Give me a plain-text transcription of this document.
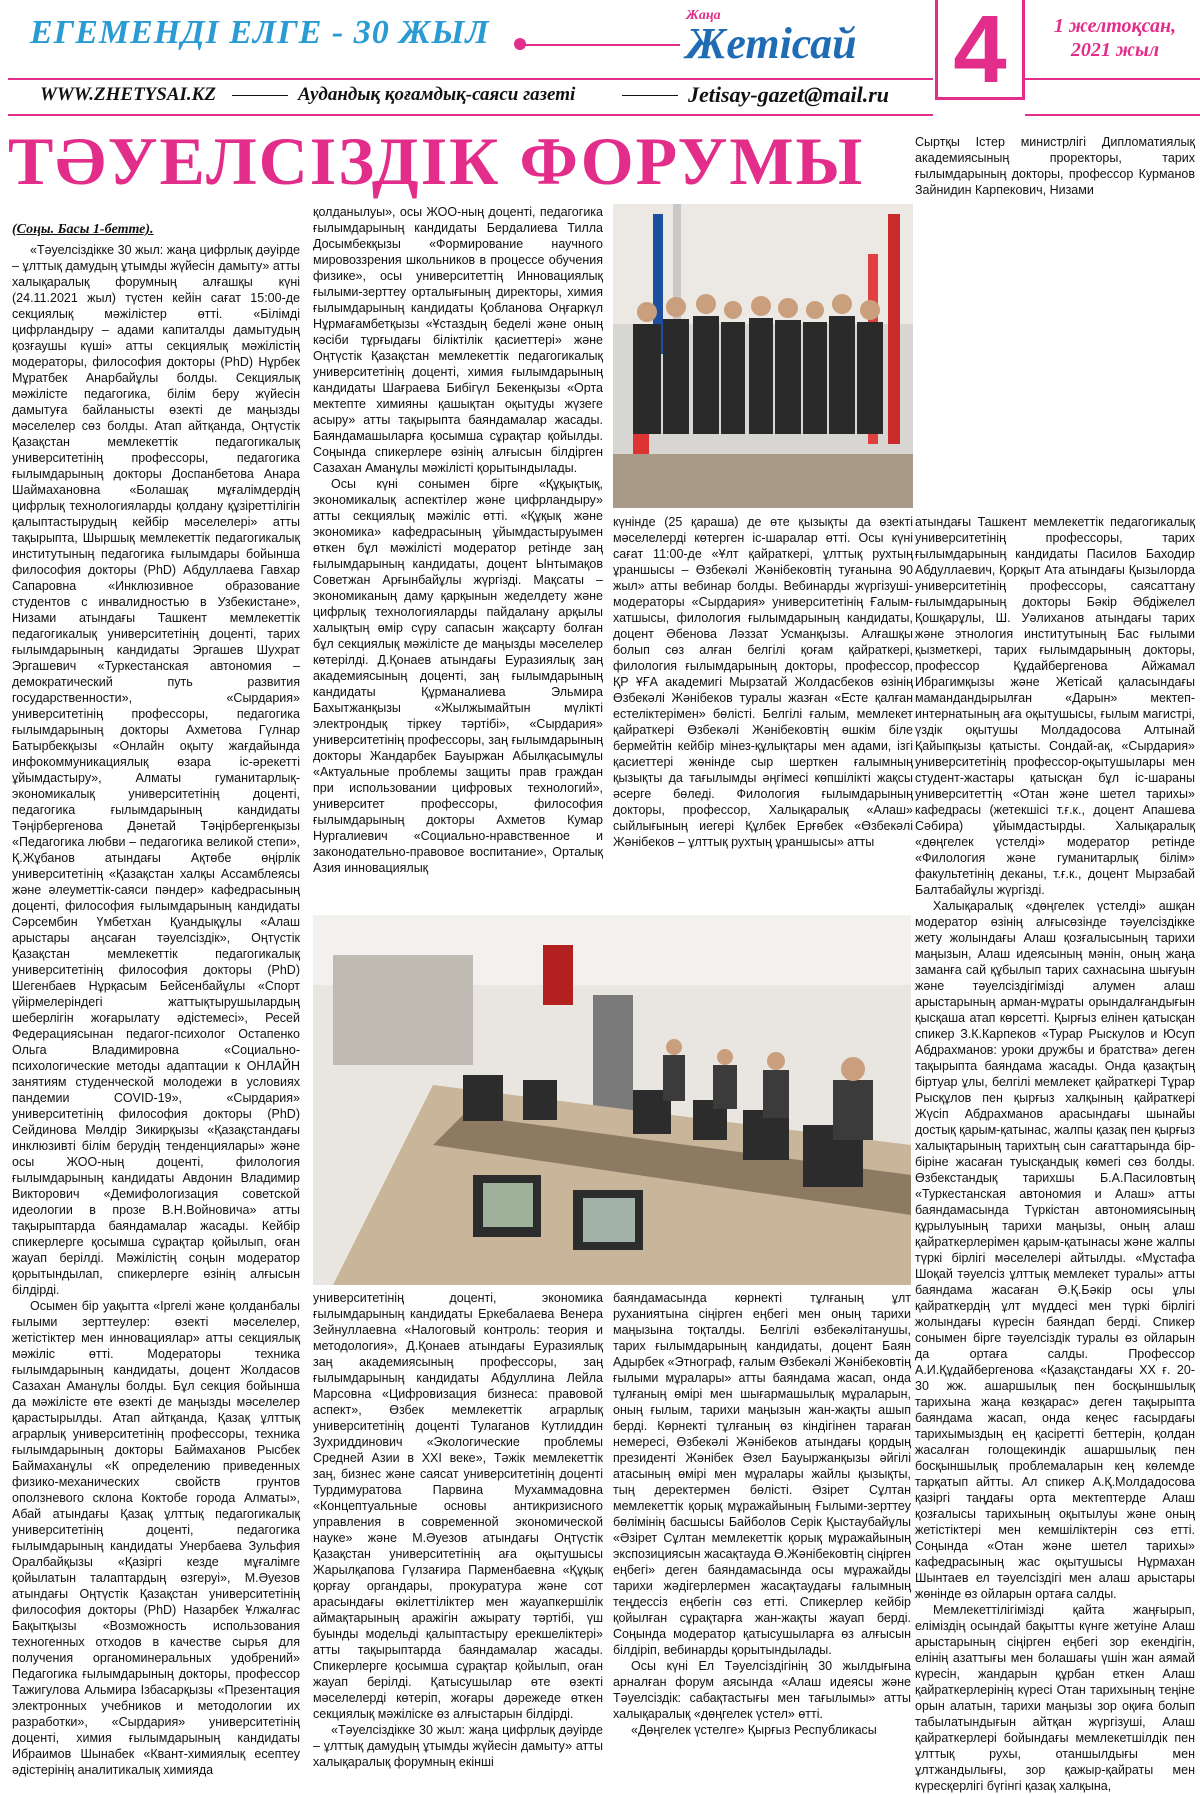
ЕГЕМЕНДІ ЕЛГЕ - 30 ЖЫЛ	Жаңа
Жетісай 4	1 желтоқсан,
2021 жыл
WWW.ZHETYSAI.KZ	Аудандық қоғамдық-саяси газеті	Jetisay-gazet@mail.ru
ТӘУЕЛСІЗДІК ФОРУМЫ	Сыртқы Істер министрлігі Дипломатиялық академиясының проректоры, тарих ғылымдарының докторы, профессор Курманов Зайнидин Карпекович, Низами

(Соңы. Басы 1-бетте).

«Тәуелсіздікке 30 жыл: жаңа цифрлық дәуірде – ұлттық дамудың ұтымды жүйесін дамыту» атты халықаралық форумның алғашқы күні (24.11.2021 жыл) түстен кейін сағат 15:00-де секциялық мәжілістер өтті. «Білімді цифрландыру – адами капиталды дамытудың қозғаушы күші» атты секциялық мәжілістің модераторы, философия докторы (PhD) Нұрбек Мұратбек Анарбайұлы болды. Секциялық мәжілісте педагогика, білім беру жүйесін дамытуға байланысты өзекті де маңызды мәселелер сөз болды. Атап айтқанда, Оңтүстік Қазақстан мемлекеттік педагогикалық университетінің профессоры, педагогика ғылымдарының докторы Доспанбетова Анара Шаймахановна «Болашақ мұғалімдердің цифрлық технологияларды қолдану құзіреттілігін қалыптастырудың кейбір мәселелері» атты тақырыпта, Шыршық мемлекеттік педагогикалық институтының педагогика ғылымдары бойынша философия докторы (PhD) Абдуллаева Гавхар Сапаровна «Инклюзивное образование студентов с инвалидностью в Узбекистане», Низами атындағы Ташкент мемлекеттік педагогикалық университетінің доценті, тарих ғылымдарының кандидаты Эргашев Шухрат Эргашевич «Туркестанская автономия – демократический путь развития государственности», «Сырдария» университетінің профессоры, педагогика ғылымдарының докторы Ахметова Гүлнар Батырбекқызы «Онлайн оқыту жағдайында инфокоммуникациялық өзара іс-әрекетті ұйымдастыру», Алматы гуманитарлық-экономикалық университетінің доценті, педагогика ғылымдарының кандидаты Тәңірбергенова Дәнетай Тәңірбергенқызы «Педагогика любви – педагогика великой степи», Қ.Жұбанов атындағы Ақтөбе өңірлік университетінің «Қазақстан халқы Ассамблеясы және әлеуметтік-саяси пәндер» кафедрасының доценті, философия ғылымдарының кандидаты Сәрсембин Үмбетхан Қуандықұлы «Алаш арыстары аңсаған тәуелсіздік», Оңтүстік Қазақстан мемлекеттік педагогикалық университетінің философия докторы (PhD) Шегенбаев Нұрқасым Бейсенбайұлы «Спорт үйірмелеріндегі жаттықтырушылардың шеберлігін жоғарылату әдістемесі», Ресей Федерациясынан педагог-психолог Остапенко Ольга Владимировна «Социально-психологические методы адаптации к ОНЛАЙН занятиям студенческой молодежи в условиях пандемии COVID-19», «Сырдария» университетінің философия докторы (PhD) Сейдинова Мөлдір Зикирқызы «Қазақстандағы инклюзивті білім берудің тенденциялары» және осы ЖОО-ның доценті, филология ғылымдарының кандидаты Авдонин Владимир Викторович «Демифологизация советской идеологии в прозе В.Н.Войновича» атты тақырыптарда баяндамалар жасады. Кейбір спикерлерге қосымша сұрақтар қойылып, оған жауап берілді. Мәжілістің соңын модератор қорытындылап, спикерлерге өзінің алғысын білдірді.

Осымен бір уақытта «Іргелі және қолданбалы ғылыми зерттеулер: өзекті мәселелер, жетістіктер мен инновациялар» атты секциялық мәжіліс өтті. Модераторы техника ғылымдарының кандидаты, доцент Жолдасов Сазахан Аманұлы болды. Бұл секция бойынша да мәжілісте өте өзекті де маңызды мәселелер қарастырылды. Атап айтқанда, Қазақ ұлттық аграрлық университетінің профессоры, техника ғылымдарының докторы Баймаханов Рысбек Баймаханұлы «К определению приведенных физико-механических свойств грунтов оползневого склона Коктобе города Алматы», Абай атындағы Қазақ ұлттық педагогикалық университетінің доценті, педагогика ғылымдарының кандидаты Унербаева Зульфия Оралбайқызы «Қазіргі кезде мұғалімге қойылатын талаптардың өзгеруі», М.Әуезов атындағы Оңтүстік Қазақстан университетінің философия докторы (PhD) Назарбек Ұлжалғас Бақытқызы «Возможность использования техногенных отходов в качестве сырья для получения органоминеральных удобрений» Педагогика ғылымдарының докторы, профессор Тажигулова Альмира Ізбасарқызы «Презентация электронных учебников и методологии их разработки», «Сырдария» университетінің доценті, химия ғылымдарының кандидаты Ибраимов Шынабек «Квант-химиялық есептеу әдістерінің аналитикалық химияда

қолданылуы», осы ЖОО-ның доценті, педагогика ғылымдарының кандидаты Бердалиева Тилла Досымбекқызы «Формирование научного мировоззрения школьников в процессе обучения физике», осы университеттің Инновациялық ғылыми-зерттеу орталығының директоры, химия ғылымдарының кандидаты Қобланова Оңғаркүл Нұрмағамбетқызы «Ұстаздың беделі және оның кәсіби тұрғыдағы біліктілік қасиеттері» және Оңтүстік Қазақстан мемлекеттік педагогикалық университетінің доценті, химия ғылымдарының кандидаты Шағраева Бибігүл Бекенқызы «Орта мектепте химияны қашықтан оқытуды жүзеге асыру» атты тақырыпта баяндамалар жасады. Баяндамашыларға қосымша сұрақтар қойылды. Соңында спикерлере өзінің алғысын білдірген Сазахан Аманұлы мәжілісті қорытындылады.

Осы күні сонымен бірге «Құқықтық, экономикалық аспектілер және цифрландыру» атты секциялық мәжіліс өтті. «Құқық және экономика» кафедрасының ұйымдастыруымен өткен бұл мәжілісті модератор ретінде заң ғылымдарының кандидаты, доцент Ынтымақов Советжан Арғынбайұлы жүргізді. Мақсаты – экономиканың даму қарқынын жеделдету және цифрлық технологияларды пайдалану арқылы халықтың өмір сүру сапасын жақсарту болған бұл секциялық мәжілісте де маңызды мәселелер көтерілді. Д.Қонаев атындағы Еуразиялық заң академиясының доценті, заң ғылымдарының кандидаты Құрманалиева Эльмира Бахытжанқызы «Жылжымайтын мүлікті электрондық тіркеу тәртібі», «Сырдария» университетінің профессоры, заң ғылымдарының докторы Жандарбек Бауыржан Абылқасымұлы «Актуальные проблемы защиты прав граждан при использовании цифровых технологий», университет профессоры, философия ғылымдарының докторы Ахметов Кумар Нургалиевич «Социально-нравственное и законодательно-правовое воспитание», Орталық Азия инновациялық

күнінде (25 қараша) де өте қызықты да өзекті мәселелерді көтерген іс-шаралар өтті. Осы күні сағат 11:00-де «Ұлт қайраткері, ұлттық рухтың ұраншысы – Өзбекәлі Жәнібековтің туғанына 90 жыл» атты вебинар болды. Вебинарды жүргізуші-модераторы «Сырдария» университетінің Ғалым-хатшысы, филология ғылымдарының кандидаты, доцент Әбенова Ләззат Усманқызы. Алғашқы болып сөз алған белгілі қоғам қайраткері, филология ғылымдарының докторы, профессор, ҚР ҰҒА академигі Мырзатай Жолдасбеков өзінің Өзбекәлі Жәнібеков туралы жазған «Есте қалған естеліктерімен» бөлісті. Белгілі ғалым, мемлекет қайраткері Өзбекәлі Жәнібековтің өшкім біле бермейтін кейбір мінез-құлықтары мен адами, ізгі қасиеттері жөнінде сыр шерткен ғалымның қызықты да тағылымды әңгімесі көпшілікті жақсы әсерге бөледі. Филология ғылымдарының докторы, профессор, Халықаралық «Алаш» сыйлығының иегері Құлбек Ерғөбек «Өзбекәлі Жәнібеков – ұлттық рухтың ұраншысы» атты

атындағы Ташкент мемлекеттік педагогикалық университетінің профессоры, тарих ғылымдарының кандидаты Пасилов Баходир Абдуллаевич, Қорқыт Ата атындағы Қызылорда университетінің профессоры, саясаттану ғылымдарының докторы Бәкір Әбдіжелел Қошқарұлы, Ш. Уәлиханов атындағы тарих және этнология институтының Бас ғылыми қызметкері, тарих ғылымдарының докторы, профессор Құдайбергенова Айжамал Ибрагимқызы және Жетісай қаласындағы мамандандырылған «Дарын» мектеп-интернатының аға оқытушысы, ғылым магистрі, үздік оқытушы Молдадосова Алтынай Қайыпқызы қатысты. Сондай-ақ, «Сырдария» университетінің профессор-оқытушылары мен студент-жастары қатысқан бұл іс-шараны университеттің «Отан және шетел тарихы» кафедрасы (жетекшісі т.ғ.к., доцент Апашева Сәбира) ұйымдастырды. Халықаралық «дөңгелек үстелді» модератор ретінде «Филология және гуманитарлық білім» факультетінің деканы, т.ғ.к., доцент Мырзабай Балтабайұлы жүргізді.

Халықаралық «дөңгелек үстелді» ашқан модератор өзінің алғысөзінде тәуелсіздікке жету жолындағы Алаш қозғалысының тарихи маңызын, Алаш идеясының мәнін, оның жаңа заманға сай құбылып тарих сахнасына шығуын және тәуелсіздігімізді алумен алаш арыстарының арман-мұраты орындалғандығын қысқаша атап көрсетті. Қырғыз елінен қатысқан спикер З.К.Карпеков «Турар Рыскулов и Юсуп Абдрахманов: уроки дружбы и братства» деген тақырыпта баяндама жасады. Онда қазақтың біртуар ұлы, белгілі мемлекет қайраткері Тұрар Рысқұлов пен қырғыз халқының қайраткері Жүсіп Абдрахманов арасындағы шынайы достық қарым-қатынас, жалпы қазақ пен қырғыз халықтарының тарихтың сын сағаттарында бір-біріне жасаған туысқандық көмегі сөз болды. Өзбекстандық тарихшы Б.А.Пасиловтың «Туркестанская автономия и Алаш» атты баяндамасында Түркістан автономиясының құрылуының тарихи маңызы, оның алаш қайраткерлерімен қарым-қатынасы және жалпы түркі бірлігі мәселелері айтылды. «Мұстафа Шоқай тәуелсіз ұлттық мемлекет туралы» атты баяндама жасаған Ә.Қ.Бәкір осы ұлы қайраткердің ұлт мүддесі мен түркі бірлігі жолындағы күресін баяндап берді. Спикер сонымен бірге тәуелсіздік туралы өз ойларын да ортаға салды. Профессор А.И.Құдайбергенова «Қазақстандағы XX ғ. 20-30 жж. ашаршылық пен босқыншылық тарихына жаңа көзқарас» деген тақырыпта баяндама жасап, онда кеңес ғасырдағы тарихымыздың ең қасіретті беттерін, қолдан жасалған голощекиндік ашаршылық пен босқыншылық проблемаларын кең көлемде тарқатып айтты. Ал спикер А.Қ.Молдадосова қазіргі таңдағы орта мектептерде Алаш қозғалысы тарихының оқытылуы және оның жетістіктері мен кемшіліктерін сөз етті. Соңында «Отан және шетел тарихы» кафедрасының жас оқытушысы Нұрмахан Шынтаев ел тәуелсіздігі мен алаш арыстары жөнінде өз ойларын ортаға салды.

Мемлекеттілігімізді қайта жаңғырып, еліміздің осындай бақытты күнге жетуіне Алаш арыстарының сіңірген еңбегі зор екендігін, елінің азаттығы мен болашағы үшін жан аямай күресін, жандарын құрбан еткен Алаш қайраткерлерінің күресі Отан тарихының теңіне орын алатын, тарихи маңызы зор оқиға болып табылатындығын айтқан жүргізуші, Алаш қайраткерлері бойындағы мемлекетшілдік пен ұлттық рухы, отаншылдығы мен ұлтжандылығы, зор қажыр-қайраты мен күресқерлігі бүгінгі қазақ халқына,

университетінің доценті, экономика ғылымдарының кандидаты Еркебалаева Венера Зейнуллаевна «Налоговый контроль: теория и методология», Д.Қонаев атындағы Еуразиялық заң академиясының профессоры, заң ғылымдарының кандидаты Абдуллина Лейла Марсовна «Цифровизация бизнеса: правовой аспект», Өзбек мемлекеттік аграрлық университетінің доценті Тулаганов Кутлиддин Зухриддинович «Экологические проблемы Средней Азии в XXI веке», Тәжік мемлекеттік заң, бизнес және саясат университетінің доценті Турдимуратова Парвина Мухаммадовна «Концептуальные основы антикризисного управления в современной экономической науке» және М.Әуезов атындағы Оңтүстік Қазақстан университетінің аға оқытушысы Жарылқапова Гүлзағира Парменбаевна «Құқық қорғау органдары, прокуратура және сот арасындағы өкілеттіліктер мен жауапкершілік аймақтарының аражігін ажырату тәртібі, үш буынды модельді қалыптастыру ерекшеліктері» атты тақырыптарда баяндамалар жасады. Спикерлерге қосымша сұрақтар қойылып, оған жауап берілді. Қатысушылар өте өзекті мәселелерді көтеріп, жоғары дәрежеде өткен секциялық мәжіліске өз алғыстарын білдірді.

«Тәуелсіздікке 30 жыл: жаңа цифрлық дәуірде – ұлттық дамудың ұтымды жүйесін дамыту» атты халықаралық форумның екінші

баяндамасында көрнекті тұлғаның ұлт руханиятына сіңірген еңбегі мен оның тарихи маңызына тоқталды. Белгілі өзбекәлітанушы, тарих ғылымдарының кандидаты, доцент Баян Адырбек «Этнограф, ғалым Өзбекәлі Жәнібековтің ғылыми мұралары» атты баяндама жасап, онда тұлғаның өмірі мен шығармашылық мұраларын, оның ғылым, тарихи маңызын жан-жақты ашып берді. Көрнекті тұлғаның өз кіндігінен тараған немересі, Өзбекәлі Жәнібеков атындағы қордың президенті Жәнібек Әзел Бауыржанқызы әйгілі атасының өмірі мен мұралары жайлы қызықты, тың деректермен бөлісті. Әзірет Сұлтан мемлекеттік қорық мұражайының Ғылыми-зерттеу бөлімінің басшысы Байболов Серік Қыстаубайұлы «Әзірет Сұлтан мемлекеттік қорық мұражайының экспозициясын жасақтауда Ө.Жәнібековтің сіңірген еңбегі» деген баяндамасында осы мұражайды тарихи жәдігерлермен жасақтаудағы ғалымның теңдессіз еңбегін сөз етті. Спикерлер кейбір қойылған сұрақтарға жан-жақты жауап берді. Соңында модератор қатысушыларға өз алғысын білдіріп, вебинарды қорытындылады.

Осы күні Ел Тәуелсіздігінің 30 жылдығына арналған форум аясында «Алаш идеясы және Тәуелсіздік: сабақтастығы мен тағылымы» атты халықаралық «дөңгелек үстел» өтті.

«Дөңгелек үстелге» Қырғыз Республикасы
